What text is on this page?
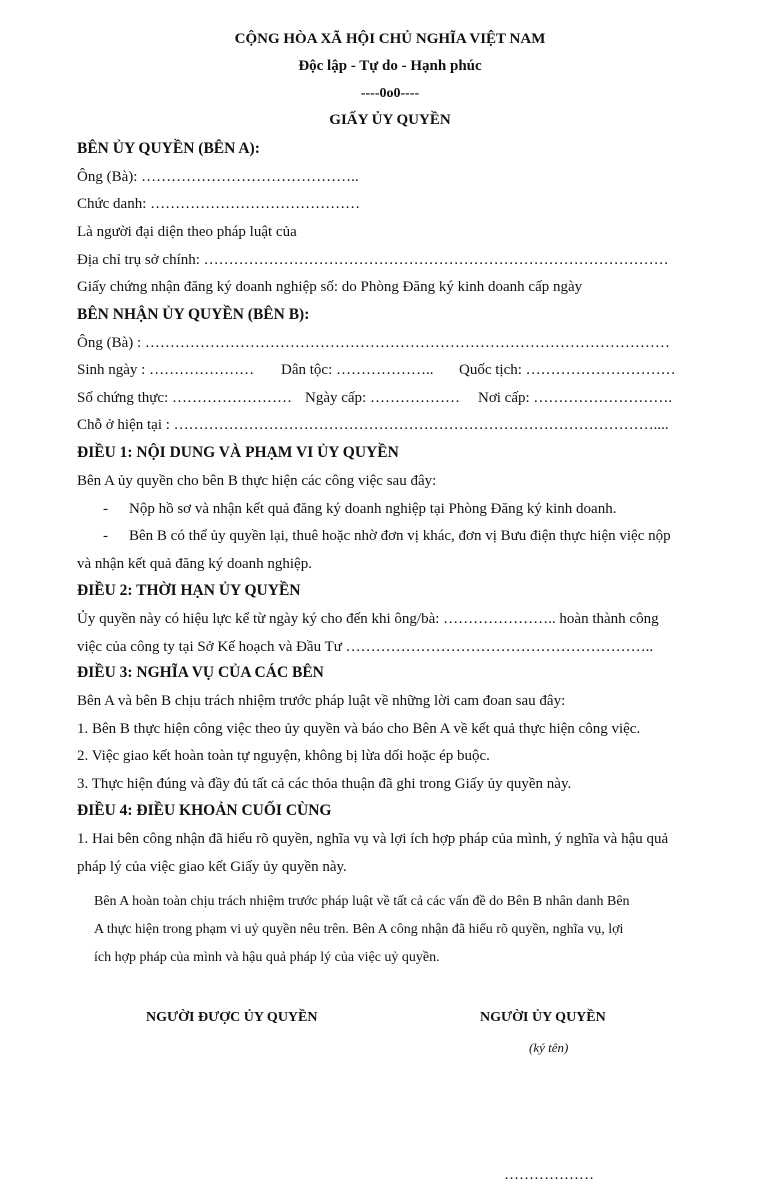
CỘNG HÒA XÃ HỘI CHỦ NGHĨA VIỆT NAM
Độc lập - Tự do - Hạnh phúc
----0o0----
GIẤY ỦY QUYỀN
BÊN ỦY QUYỀN (BÊN A):
Ông (Bà): ……………………………………..
Chức danh: ……………………………………
Là người đại diện theo pháp luật của
Địa chỉ trụ sở chính: …………………………………………………………………………………
Giấy chứng nhận đăng ký doanh nghiệp số: do Phòng Đăng ký kinh doanh cấp ngày
BÊN NHẬN ỦY QUYỀN (BÊN B):
Ông (Bà) : ……………………………………………………………………………………………
Sinh ngày : ………………… Dân tộc: ……………….. Quốc tịch: …………………………
Số chứng thực: …………………… Ngày cấp: ……………… Nơi cấp: ……………………….
Chỗ ở hiện tại : ……………………………………………………………………………………....
ĐIỀU 1: NỘI DUNG VÀ PHẠM VI ỦY QUYỀN
Bên A ủy quyền cho bên B thực hiện các công việc sau đây:
- Nộp hồ sơ và nhận kết quả đăng ký doanh nghiệp tại Phòng Đăng ký kinh doanh.
- Bên B có thể ủy quyền lại, thuê hoặc nhờ đơn vị khác, đơn vị Bưu điện thực hiện việc nộp
và nhận kết quả đăng ký doanh nghiệp.
ĐIỀU 2: THỜI HẠN ỦY QUYỀN
Ủy quyền này có hiệu lực kể từ ngày ký cho đến khi ông/bà: ………………….. hoàn thành công
việc của công ty tại Sở Kế hoạch và Đầu Tư ……………………………………………………..
ĐIỀU 3: NGHĨA VỤ CỦA CÁC BÊN
Bên A và bên B chịu trách nhiệm trước pháp luật về những lời cam đoan sau đây:
1. Bên B thực hiện công việc theo ủy quyền và báo cho Bên A về kết quả thực hiện công việc.
2. Việc giao kết hoàn toàn tự nguyện, không bị lừa dối hoặc ép buộc.
3. Thực hiện đúng và đầy đủ tất cả các thỏa thuận đã ghi trong Giấy ủy quyền này.
ĐIỀU 4: ĐIỀU KHOẢN CUỐI CÙNG
1. Hai bên công nhận đã hiểu rõ quyền, nghĩa vụ và lợi ích hợp pháp của mình, ý nghĩa và hậu quả
pháp lý của việc giao kết Giấy ủy quyền này.
Bên A hoàn toàn chịu trách nhiệm trước pháp luật về tất cả các vấn đề do Bên B nhân danh Bên
A thực hiện trong phạm vi uỷ quyền nêu trên. Bên A công nhận đã hiểu rõ quyền, nghĩa vụ, lợi
ích hợp pháp của mình và hậu quả pháp lý của việc uỷ quyền.
NGƯỜI ĐƯỢC ỦY QUYỀN	NGƯỜI ỦY QUYỀN
(ký tên)
………………
